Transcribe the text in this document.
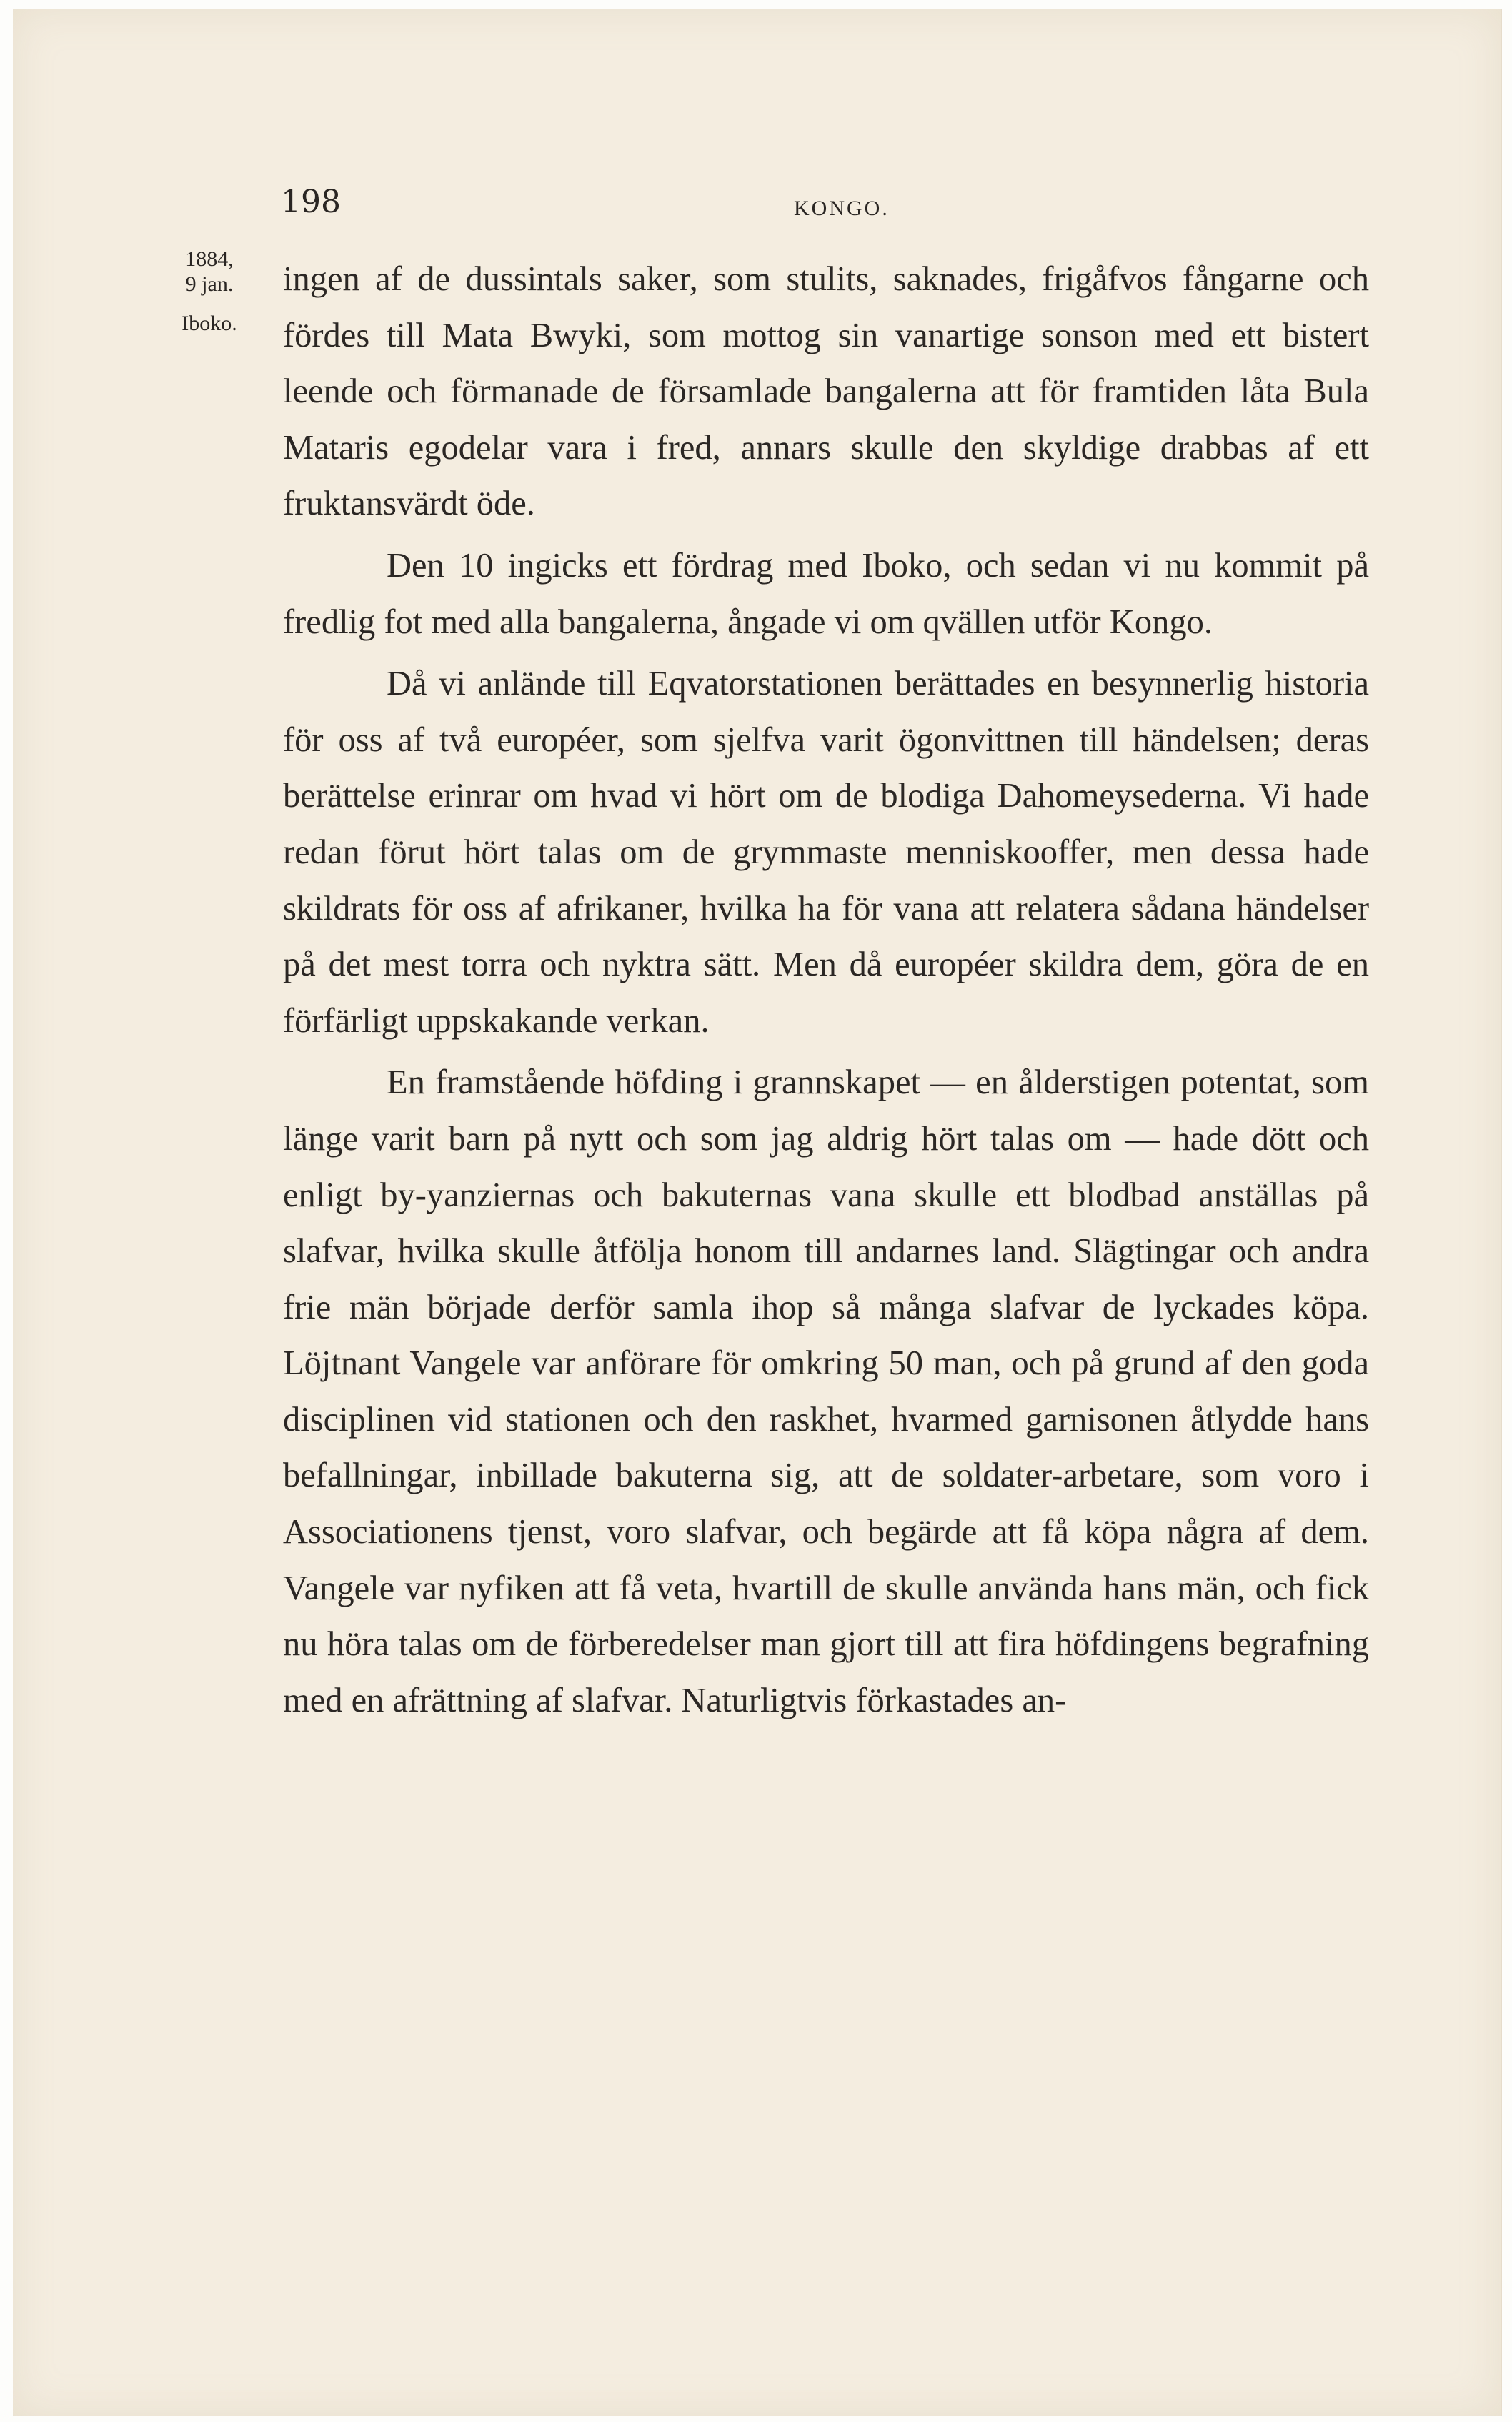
198	KONGO.
1884,
9 jan.
Iboko.

ingen af de dussintals saker, som stulits, saknades, frigåfvos fångarne och fördes till Mata Bwyki, som mottog sin vanartige sonson med ett bistert leende och förmanade de församlade bangalerna att för framtiden låta Bula Mataris egodelar vara i fred, annars skulle den skyldige drabbas af ett fruktansvärdt öde.

Den 10 ingicks ett fördrag med Iboko, och sedan vi nu kommit på fredlig fot med alla bangalerna, ångade vi om qvällen utför Kongo.

Då vi anlände till Eqvatorstationen berättades en besynnerlig historia för oss af två européer, som sjelfva varit ögonvittnen till händelsen; deras berättelse erinrar om hvad vi hört om de blodiga Dahomeysederna. Vi hade redan förut hört talas om de grymmaste menniskooffer, men dessa hade skildrats för oss af afrikaner, hvilka ha för vana att relatera sådana händelser på det mest torra och nyktra sätt. Men då européer skildra dem, göra de en förfärligt uppskakande verkan.

En framstående höfding i grannskapet — en ålderstigen potentat, som länge varit barn på nytt och som jag aldrig hört talas om — hade dött och enligt by-yanziernas och bakuternas vana skulle ett blodbad anställas på slafvar, hvilka skulle åtfölja honom till andarnes land. Slägtingar och andra frie män började derför samla ihop så många slafvar de lyckades köpa. Löjtnant Vangele var anförare för omkring 50 man, och på grund af den goda disciplinen vid stationen och den raskhet, hvarmed garnisonen åtlydde hans befallningar, inbillade bakuterna sig, att de soldater-arbetare, som voro i Associationens tjenst, voro slafvar, och begärde att få köpa några af dem. Vangele var nyfiken att få veta, hvartill de skulle använda hans män, och fick nu höra talas om de förberedelser man gjort till att fira höfdingens begrafning med en afrättning af slafvar. Naturligtvis förkastades an-
